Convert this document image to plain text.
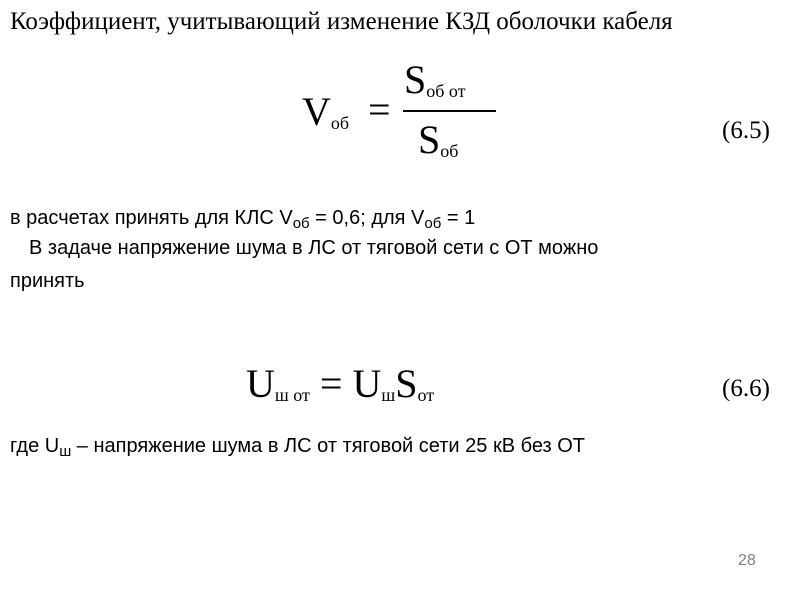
Коэффициент, учитывающий изменение КЗД оболочки кабеля
$V_{об}$ =
$S_{об от}$
$S_{об}$
(6.5)
в расчетах принять для КЛС $V_{об} = 0,6$; для $V_{об} = 1$
В задаче напряжение шума в ЛС от тяговой сети с ОТ можно
принять
$U_{ш от} = U_шS_{от}$	(6.6)
где $U_ш$ – напряжение шума в ЛС от тяговой сети 25 кВ без ОТ
28
